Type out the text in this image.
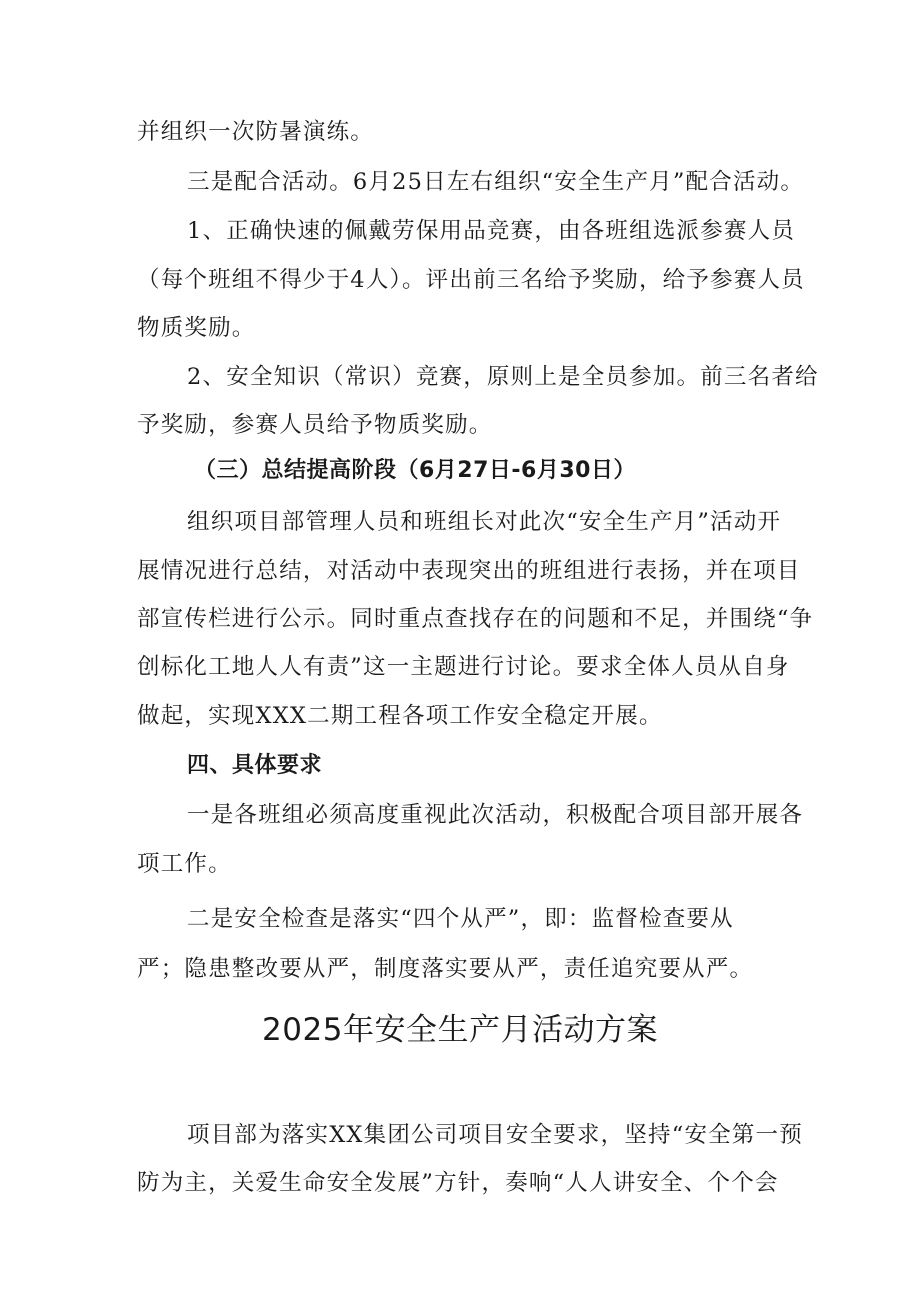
并组织一次防暑演练。
三是配合活动。6月25日左右组织“安全生产月”配合活动。
1、正确快速的佩戴劳保用品竞赛，由各班组选派参赛人员
（每个班组不得少于4人）。评出前三名给予奖励，给予参赛人员
物质奖励。
2、安全知识（常识）竞赛，原则上是全员参加。前三名者给
予奖励，参赛人员给予物质奖励。
（三）总结提高阶段（6月27日-6月30日）
组织项目部管理人员和班组长对此次“安全生产月”活动开
展情况进行总结，对活动中表现突出的班组进行表扬，并在项目
部宣传栏进行公示。同时重点查找存在的问题和不足，并围绕“争
创标化工地人人有责”这一主题进行讨论。要求全体人员从自身
做起，实现XXX二期工程各项工作安全稳定开展。
四、具体要求
一是各班组必须高度重视此次活动，积极配合项目部开展各
项工作。
二是安全检查是落实“四个从严”，即：监督检查要从
严；隐患整改要从严，制度落实要从严，责任追究要从严。
2025年安全生产月活动方案
项目部为落实XX集团公司项目安全要求，坚持“安全第一预
防为主，关爱生命安全发展”方针，奏响“人人讲安全、个个会
